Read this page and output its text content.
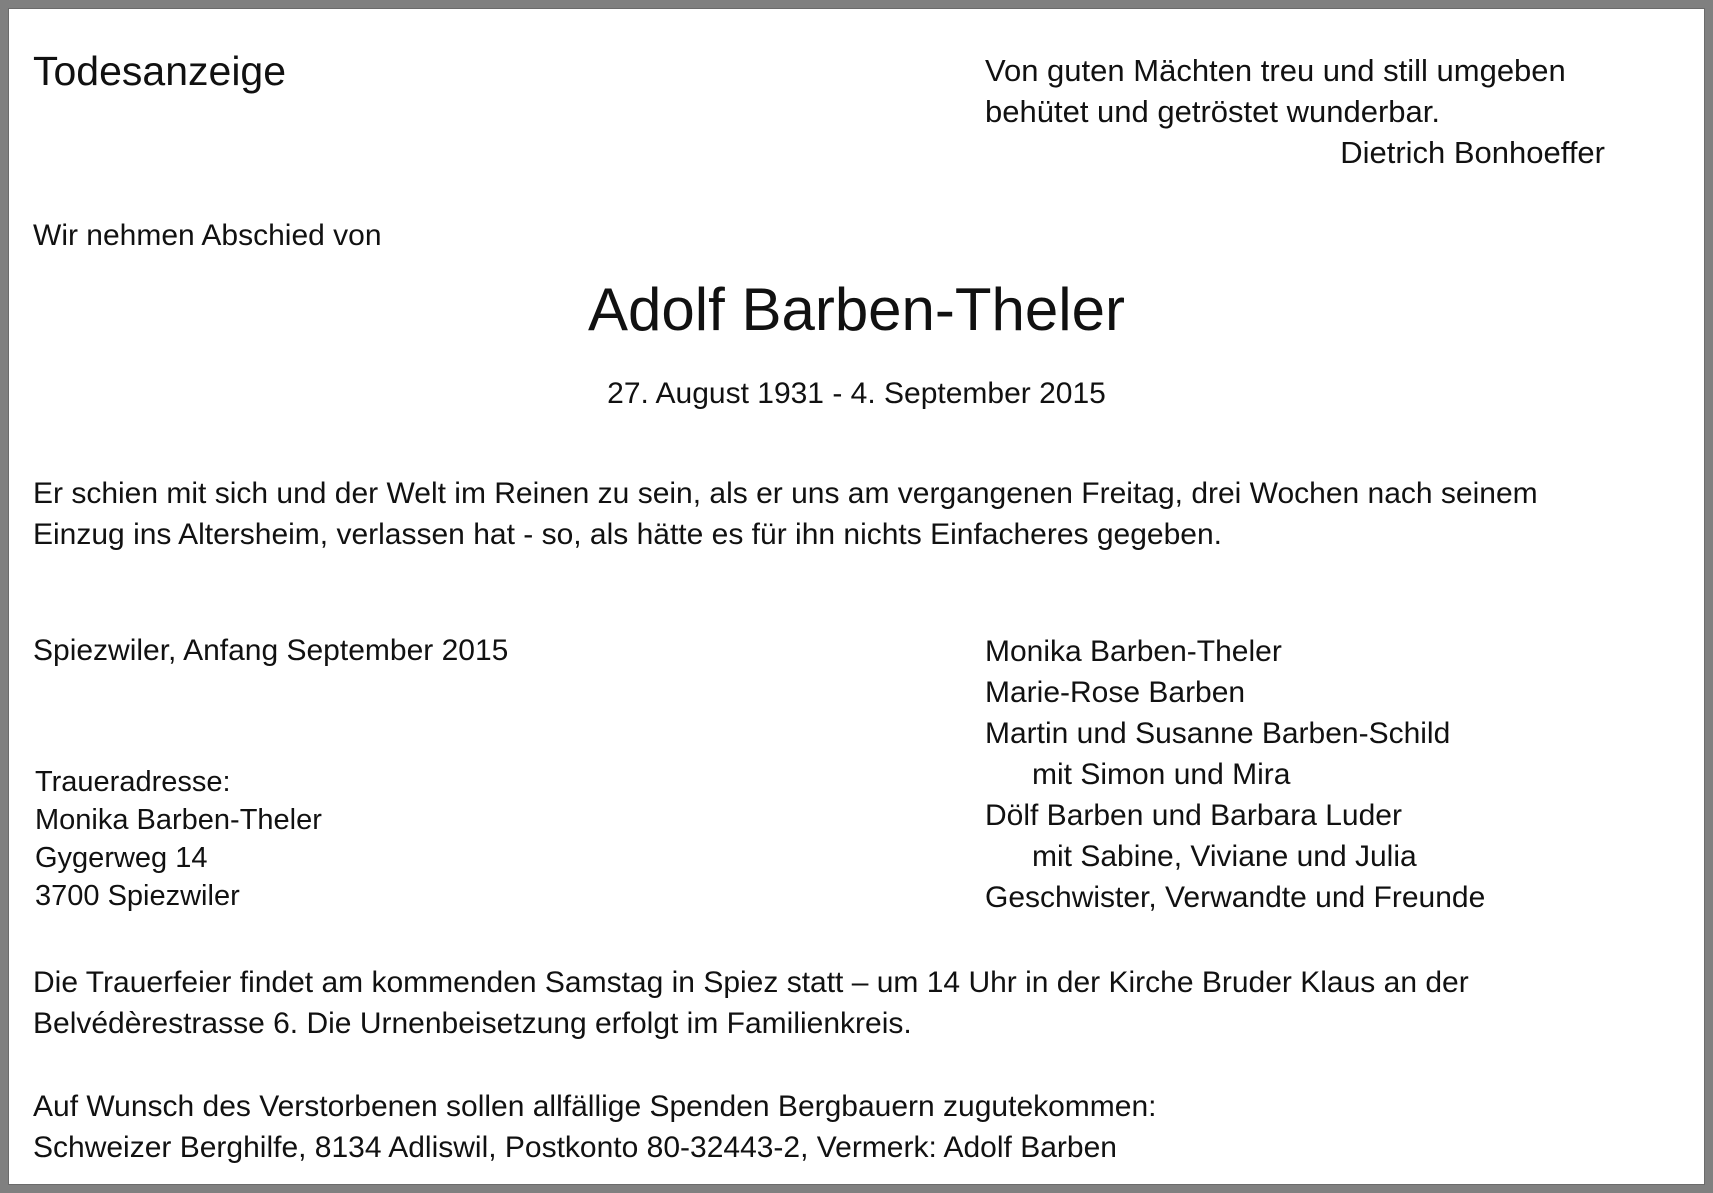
Todesanzeige	Von guten Mächten treu und still umgeben
behütet und getröstet wunderbar.
Dietrich Bonhoeffer
Wir nehmen Abschied von
Adolf Barben-Theler
27. August 1931 - 4. September 2015
Er schien mit sich und der Welt im Reinen zu sein, als er uns am vergangenen Freitag, drei Wochen nach seinem
Einzug ins Altersheim, verlassen hat - so, als hätte es für ihn nichts Einfacheres gegeben.
Spiezwiler, Anfang September 2015
Traueradresse:
Monika Barben-Theler
Gygerweg 14
3700 Spiezwiler
Monika Barben-Theler
Marie-Rose Barben
Martin und Susanne Barben-Schild
mit Simon und Mira
Dölf Barben und Barbara Luder
mit Sabine, Viviane und Julia
Geschwister, Verwandte und Freunde
Die Trauerfeier findet am kommenden Samstag in Spiez statt – um 14 Uhr in der Kirche Bruder Klaus an der
Belvédèrestrasse 6. Die Urnenbeisetzung erfolgt im Familienkreis.
Auf Wunsch des Verstorbenen sollen allfällige Spenden Bergbauern zugutekommen:
Schweizer Berghilfe, 8134 Adliswil, Postkonto 80-32443-2, Vermerk: Adolf Barben
